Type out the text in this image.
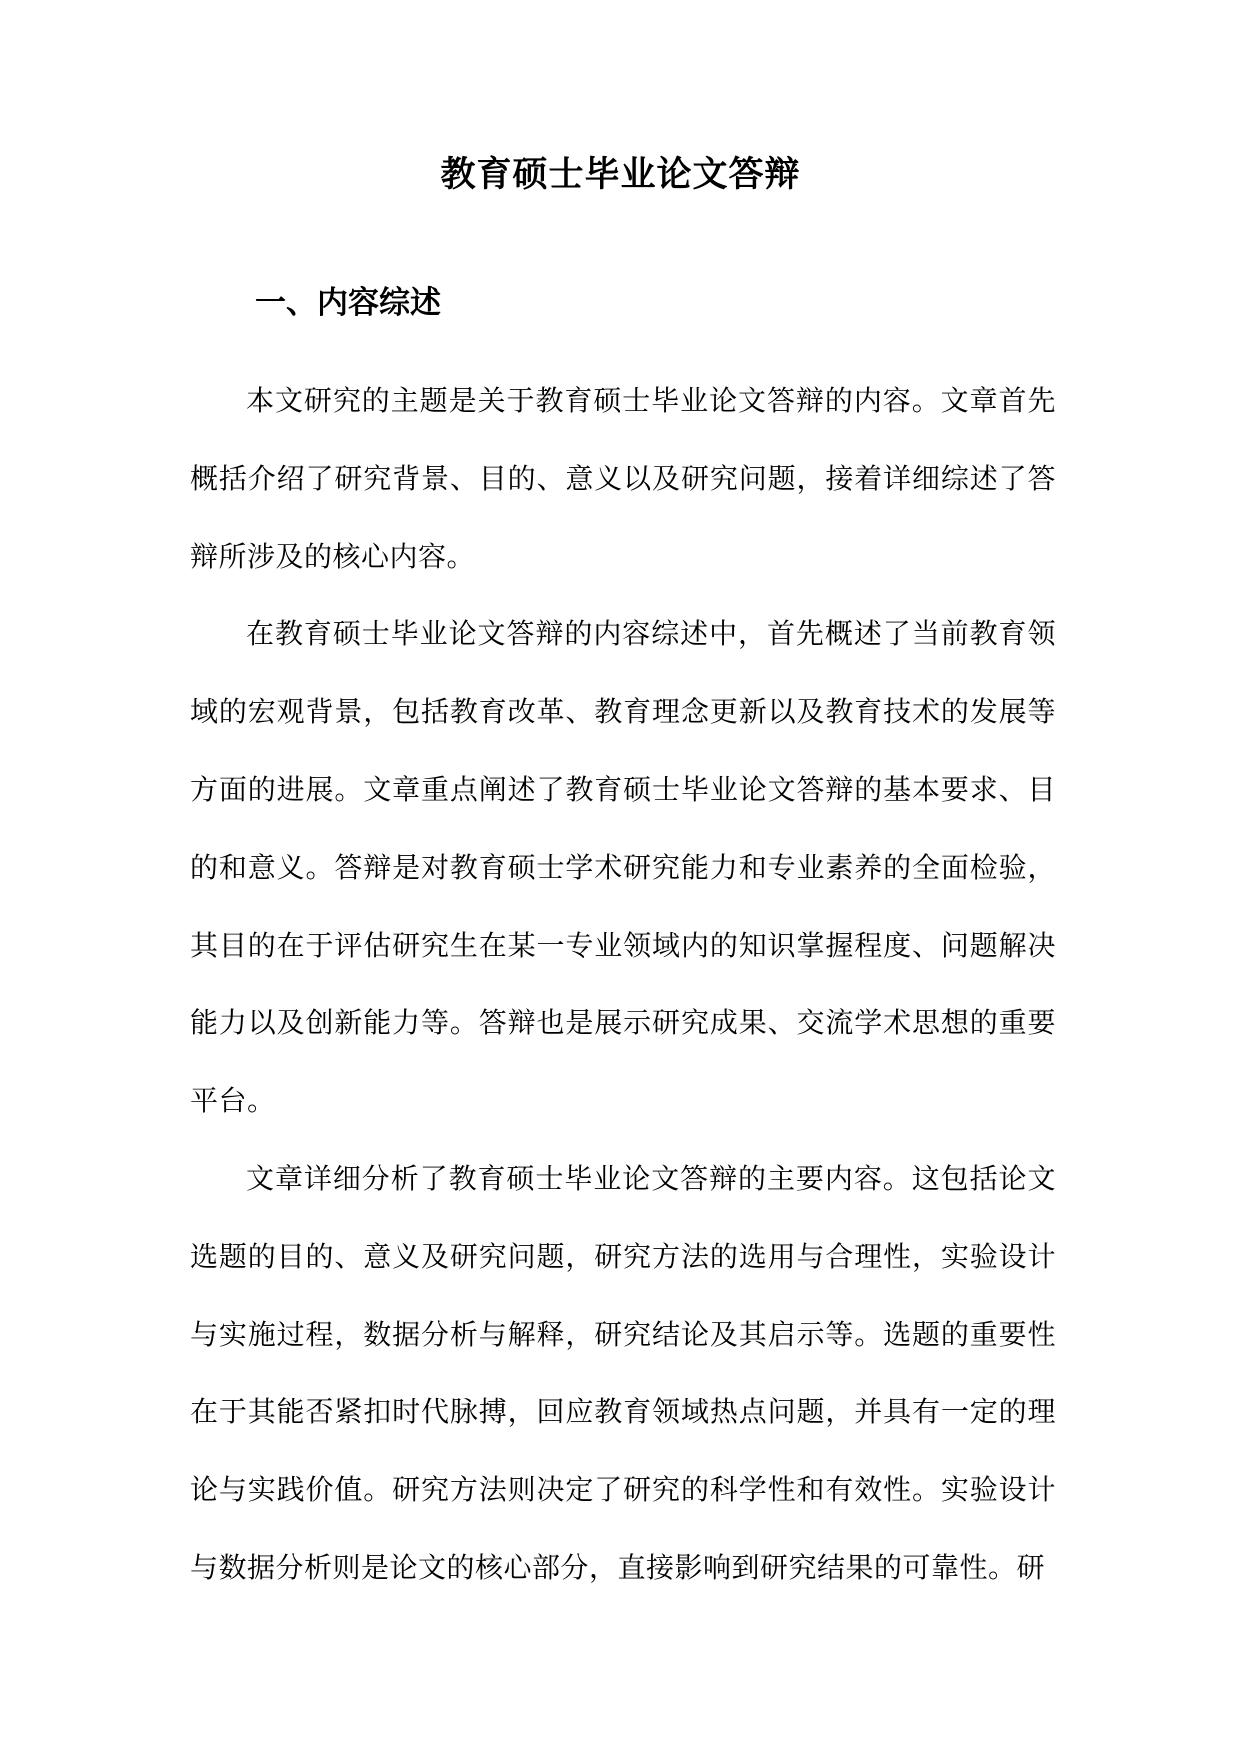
教育硕士毕业论文答辩
一、内容综述

本文研究的主题是关于教育硕士毕业论文答辩的内容。文章首先概括介绍了研究背景、目的、意义以及研究问题，接着详细综述了答辩所涉及的核心内容。

在教育硕士毕业论文答辩的内容综述中，首先概述了当前教育领域的宏观背景，包括教育改革、教育理念更新以及教育技术的发展等方面的进展。文章重点阐述了教育硕士毕业论文答辩的基本要求、目的和意义。答辩是对教育硕士学术研究能力和专业素养的全面检验，其目的在于评估研究生在某一专业领域内的知识掌握程度、问题解决能力以及创新能力等。答辩也是展示研究成果、交流学术思想的重要平台。

文章详细分析了教育硕士毕业论文答辩的主要内容。这包括论文选题的目的、意义及研究问题，研究方法的选用与合理性，实验设计与实施过程，数据分析与解释，研究结论及其启示等。选题的重要性在于其能否紧扣时代脉搏，回应教育领域热点问题，并具有一定的理论与实践价值。研究方法则决定了研究的科学性和有效性。实验设计与数据分析则是论文的核心部分，直接影响到研究结果的可靠性。研
